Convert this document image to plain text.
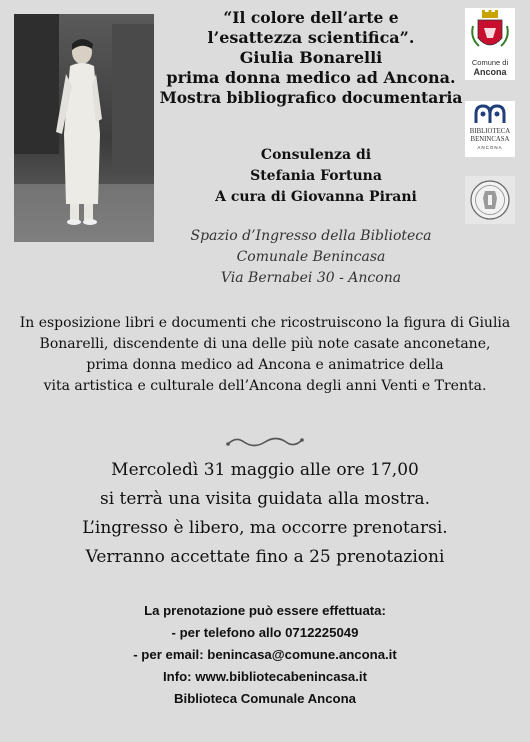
“Il colore dell’arte e
l’esattezza scientifica”.
Giulia Bonarelli
prima donna medico ad Ancona.
Mostra bibliografico documentaria
Consulenza di
Stefania Fortuna
A cura di Giovanna Pirani
Spazio d’Ingresso della Biblioteca
Comunale Benincasa
Via Bernabei 30 - Ancona
In esposizione libri e documenti che ricostruiscono la figura di Giulia
Bonarelli, discendente di una delle più note casate anconetane,
prima donna medico ad Ancona e animatrice della
vita artistica e culturale dell’Ancona degli anni Venti e Trenta.
Mercoledì 31 maggio alle ore 17,00
si terrà una visita guidata alla mostra.
L’ingresso è libero, ma occorre prenotarsi.
Verranno accettate fino a 25 prenotazioni
La prenotazione può essere effettuata:
- per telefono allo 0712225049
- per email: benincasa@comune.ancona.it
Info: www.bibliotecabenincasa.it
Biblioteca Comunale Ancona
Comune di
Ancona
BIBLIOTECA
BENINCASA
ANCONA
